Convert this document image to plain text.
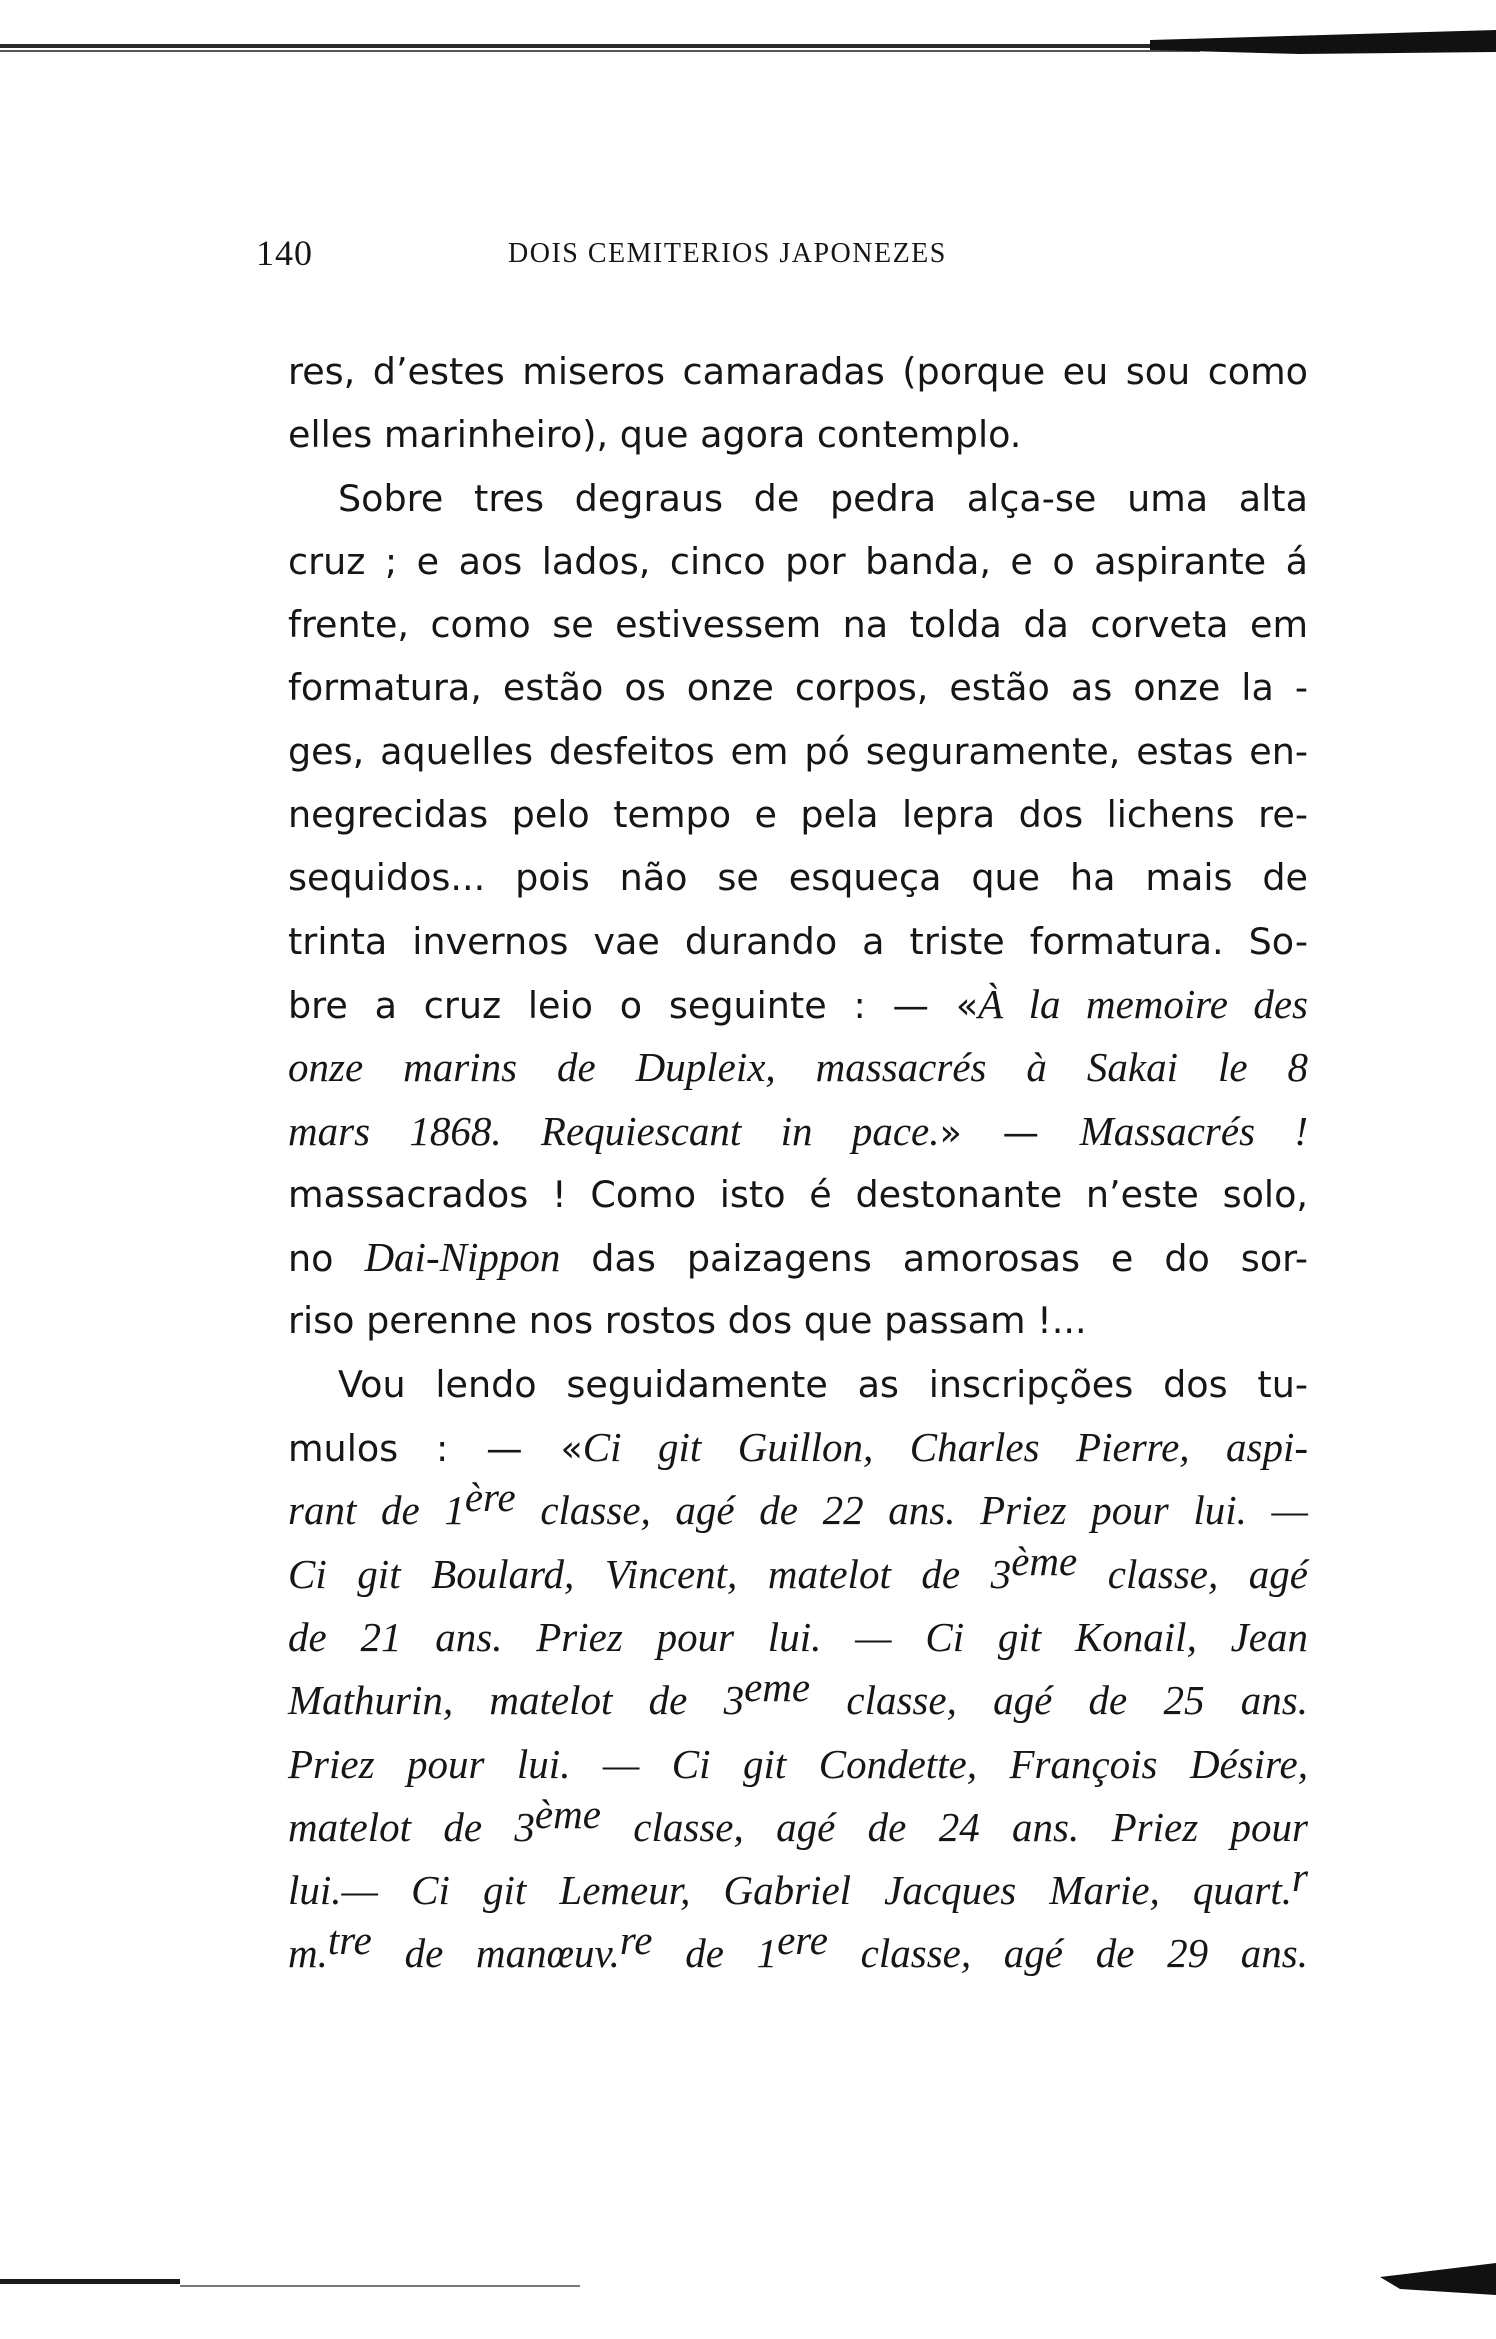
140	DOIS CEMITERIOS JAPONEZES
res, d’estes miseros camaradas (porque eu sou como
elles marinheiro), que agora contemplo.
Sobre tres degraus de pedra alça-se uma alta
cruz ; e aos lados, cinco por banda, e o aspirante á
frente, como se estivessem na tolda da corveta em
formatura, estão os onze corpos, estão as onze la -
ges, aquelles desfeitos em pó seguramente, estas en-
negrecidas pelo tempo e pela lepra dos lichens re-
sequidos... pois não se esqueça que ha mais de
trinta invernos vae durando a triste formatura. So-
bre a cruz leio o seguinte : — «À la memoire des
onze marins de Dupleix, massacrés à Sakai le 8
mars 1868. Requiescant in pace.» — Massacrés !
massacrados ! Como isto é destonante n’este solo,
no Dai-Nippon das paizagens amorosas e do sor-
riso perenne nos rostos dos que passam !...
Vou lendo seguidamente as inscripções dos tu-
mulos : — «Ci git Guillon, Charles Pierre, aspi-
rant de 1ère classe, agé de 22 ans. Priez pour lui. —
Ci git Boulard, Vincent, matelot de 3ème classe, agé
de 21 ans. Priez pour lui. — Ci git Konail, Jean
Mathurin, matelot de 3eme classe, agé de 25 ans.
Priez pour lui. — Ci git Condette, François Désire,
matelot de 3ème classe, agé de 24 ans. Priez pour
lui.— Ci git Lemeur, Gabriel Jacques Marie, quart.$^r$
m.$^{tre}$ de manœuv.$^{re}$ de 1ere classe, agé de 29 ans.
